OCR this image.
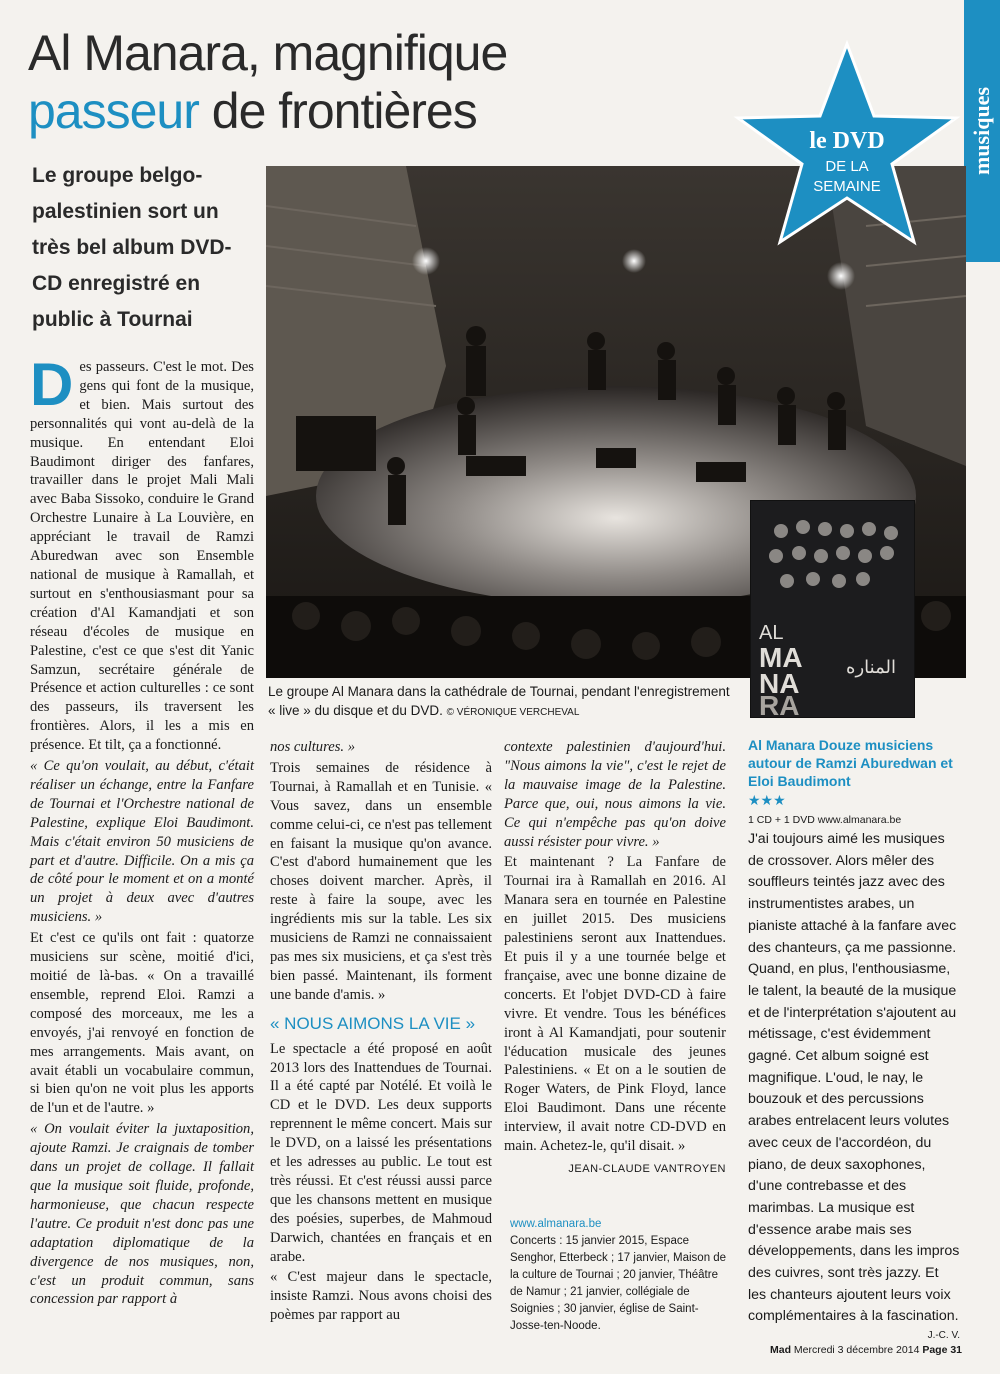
musiques
Al Manara, magnifique
passeur de frontières
Le groupe belgo-palestinien sort un très bel album DVD-CD enregistré en public à Tournai
le DVD
DE LA
SEMAINE
Le groupe Al Manara dans la cathédrale de Tournai, pendant l'enregistrement « live » du disque et du DVD. © VÉRONIQUE VERCHEVAL
AL
MA
NA
RA
المناره
D es passeurs. C'est le mot. Des gens qui font de la musique, et bien. Mais surtout des personnalités qui vont au-delà de la musique. En entendant Eloi Baudimont diriger des fanfares, travailler dans le projet Mali Mali avec Baba Sissoko, conduire le Grand Orchestre Lunaire à La Louvière, en appréciant le travail de Ramzi Aburedwan avec son Ensemble national de musique à Ramallah, et surtout en s'enthousiasmant pour sa création d'Al Kamandjati et son réseau d'écoles de musique en Palestine, c'est ce que s'est dit Yanic Samzun, secrétaire générale de Présence et action culturelles : ce sont des passeurs, ils traversent les frontières. Alors, il les a mis en présence. Et tilt, ça a fonctionné.

« Ce qu'on voulait, au début, c'était réaliser un échange, entre la Fanfare de Tournai et l'Orchestre national de Palestine, explique Eloi Baudimont. Mais c'était environ 50 musiciens de part et d'autre. Difficile. On a mis ça de côté pour le moment et on a monté un projet à deux avec d'autres musiciens. »

Et c'est ce qu'ils ont fait : quatorze musiciens sur scène, moitié d'ici, moitié de là-bas. « On a travaillé ensemble, reprend Eloi. Ramzi a composé des morceaux, me les a envoyés, j'ai renvoyé en fonction de mes arrangements. Mais avant, on avait établi un vocabulaire commun, si bien qu'on ne voit plus les apports de l'un et de l'autre. »

« On voulait éviter la juxtaposition, ajoute Ramzi. Je craignais de tomber dans un projet de collage. Il fallait que la musique soit fluide, profonde, harmonieuse, que chacun respecte l'autre. Ce produit n'est donc pas une adaptation diplomatique de la divergence de nos musiques, non, c'est un produit commun, sans concession par rapport à

nos cultures. »

Trois semaines de résidence à Tournai, à Ramallah et en Tunisie. « Vous savez, dans un ensemble comme celui-ci, ce n'est pas tellement en faisant la musique qu'on avance. C'est d'abord humainement que les choses doivent marcher. Après, il reste à faire la soupe, avec les ingrédients mis sur la table. Les six musiciens de Ramzi ne connaissaient pas mes six musiciens, et ça s'est très bien passé. Maintenant, ils forment une bande d'amis. »

« NOUS AIMONS LA VIE »

Le spectacle a été proposé en août 2013 lors des Inattendues de Tournai. Il a été capté par Notélé. Et voilà le CD et le DVD. Les deux supports reprennent le même concert. Mais sur le DVD, on a laissé les présentations et les adresses au public. Le tout est très réussi. Et c'est réussi aussi parce que les chansons mettent en musique des poésies, superbes, de Mahmoud Darwich, chantées en français et en arabe.

« C'est majeur dans le spectacle, insiste Ramzi. Nous avons choisi des poèmes par rapport au

contexte palestinien d'aujourd'hui. "Nous aimons la vie", c'est le rejet de la mauvaise image de la Palestine. Parce que, oui, nous aimons la vie. Ce qui n'empêche pas qu'on doive aussi résister pour vivre. »

Et maintenant ? La Fanfare de Tournai ira à Ramallah en 2016. Al Manara sera en tournée en Palestine en juillet 2015. Des musiciens palestiniens seront aux Inattendues. Et puis il y a une tournée belge et française, avec une bonne dizaine de concerts. Et l'objet DVD-CD à faire vivre. Et vendre. Tous les bénéfices iront à Al Kamandjati, pour soutenir l'éducation musicale des jeunes Palestiniens. « Et on a le soutien de Roger Waters, de Pink Floyd, lance Eloi Baudimont. Dans une récente interview, il avait notre CD-DVD en main. Achetez-le, qu'il disait. »

JEAN-CLAUDE VANTROYEN
www.almanara.be
Concerts : 15 janvier 2015, Espace Senghor, Etterbeck ; 17 janvier, Maison de la culture de Tournai ; 20 janvier, Théâtre de Namur ; 21 janvier, collégiale de Soignies ; 30 janvier, église de Saint-Josse-ten-Noode.
Al Manara Douze musiciens autour de Ramzi Aburedwan et Eloi Baudimont
★★★
1 CD + 1 DVD www.almanara.be
J'ai toujours aimé les musiques de crossover. Alors mêler des souffleurs teintés jazz avec des instrumentistes arabes, un pianiste attaché à la fanfare avec des chanteurs, ça me passionne. Quand, en plus, l'enthousiasme, le talent, la beauté de la musique et de l'interprétation s'ajoutent au métissage, c'est évidemment gagné. Cet album soigné est magnifique. L'oud, le nay, le bouzouk et des percussions arabes entrelacent leurs volutes avec ceux de l'accordéon, du piano, de deux saxophones, d'une contrebasse et des marimbas. La musique est d'essence arabe mais ses développements, dans les impros des cuivres, sont très jazzy. Et les chanteurs ajoutent leurs voix complémentaires à la fascination.
J.-C. V.
Mad Mercredi 3 décembre 2014 Page 31
